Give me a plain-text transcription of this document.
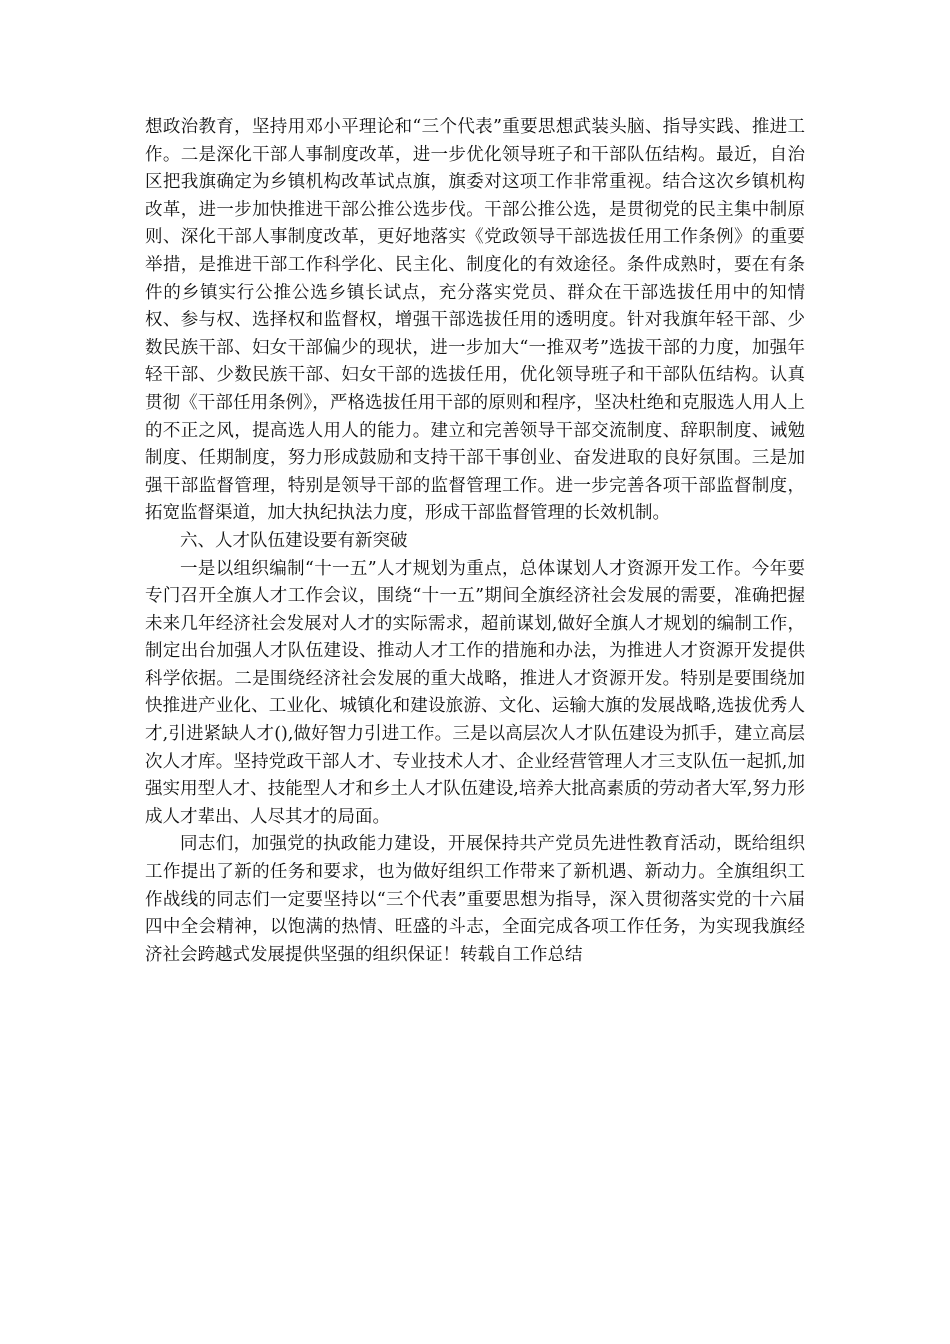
想政治教育，坚持用邓小平理论和“三个代表”重要思想武装头脑、指导实践、推进工作。二是深化干部人事制度改革，进一步优化领导班子和干部队伍结构。最近，自治区把我旗确定为乡镇机构改革试点旗，旗委对这项工作非常重视。结合这次乡镇机构改革，进一步加快推进干部公推公选步伐。干部公推公选，是贯彻党的民主集中制原则、深化干部人事制度改革，更好地落实《党政领导干部选拔任用工作条例》的重要举措，是推进干部工作科学化、民主化、制度化的有效途径。条件成熟时，要在有条件的乡镇实行公推公选乡镇长试点，充分落实党员、群众在干部选拔任用中的知情权、参与权、选择权和监督权，增强干部选拔任用的透明度。针对我旗年轻干部、少数民族干部、妇女干部偏少的现状，进一步加大“一推双考”选拔干部的力度，加强年轻干部、少数民族干部、妇女干部的选拔任用，优化领导班子和干部队伍结构。认真贯彻《干部任用条例》，严格选拔任用干部的原则和程序，坚决杜绝和克服选人用人上的不正之风，提高选人用人的能力。建立和完善领导干部交流制度、辞职制度、诫勉制度、任期制度，努力形成鼓励和支持干部干事创业、奋发进取的良好氛围。三是加强干部监督管理，特别是领导干部的监督管理工作。进一步完善各项干部监督制度，拓宽监督渠道，加大执纪执法力度，形成干部监督管理的长效机制。

六、人才队伍建设要有新突破

一是以组织编制“十一五”人才规划为重点，总体谋划人才资源开发工作。今年要专门召开全旗人才工作会议，围绕“十一五”期间全旗经济社会发展的需要，准确把握未来几年经济社会发展对人才的实际需求，超前谋划,做好全旗人才规划的编制工作，制定出台加强人才队伍建设、推动人才工作的措施和办法，为推进人才资源开发提供科学依据。二是围绕经济社会发展的重大战略，推进人才资源开发。特别是要围绕加快推进产业化、工业化、城镇化和建设旅游、文化、运输大旗的发展战略,选拔优秀人才,引进紧缺人才(),做好智力引进工作。三是以高层次人才队伍建设为抓手，建立高层次人才库。坚持党政干部人才、专业技术人才、企业经营管理人才三支队伍一起抓,加强实用型人才、技能型人才和乡土人才队伍建设,培养大批高素质的劳动者大军,努力形成人才辈出、人尽其才的局面。

同志们，加强党的执政能力建设，开展保持共产党员先进性教育活动，既给组织工作提出了新的任务和要求，也为做好组织工作带来了新机遇、新动力。全旗组织工作战线的同志们一定要坚持以“三个代表”重要思想为指导，深入贯彻落实党的十六届四中全会精神，以饱满的热情、旺盛的斗志，全面完成各项工作任务，为实现我旗经济社会跨越式发展提供坚强的组织保证！转载自工作总结
